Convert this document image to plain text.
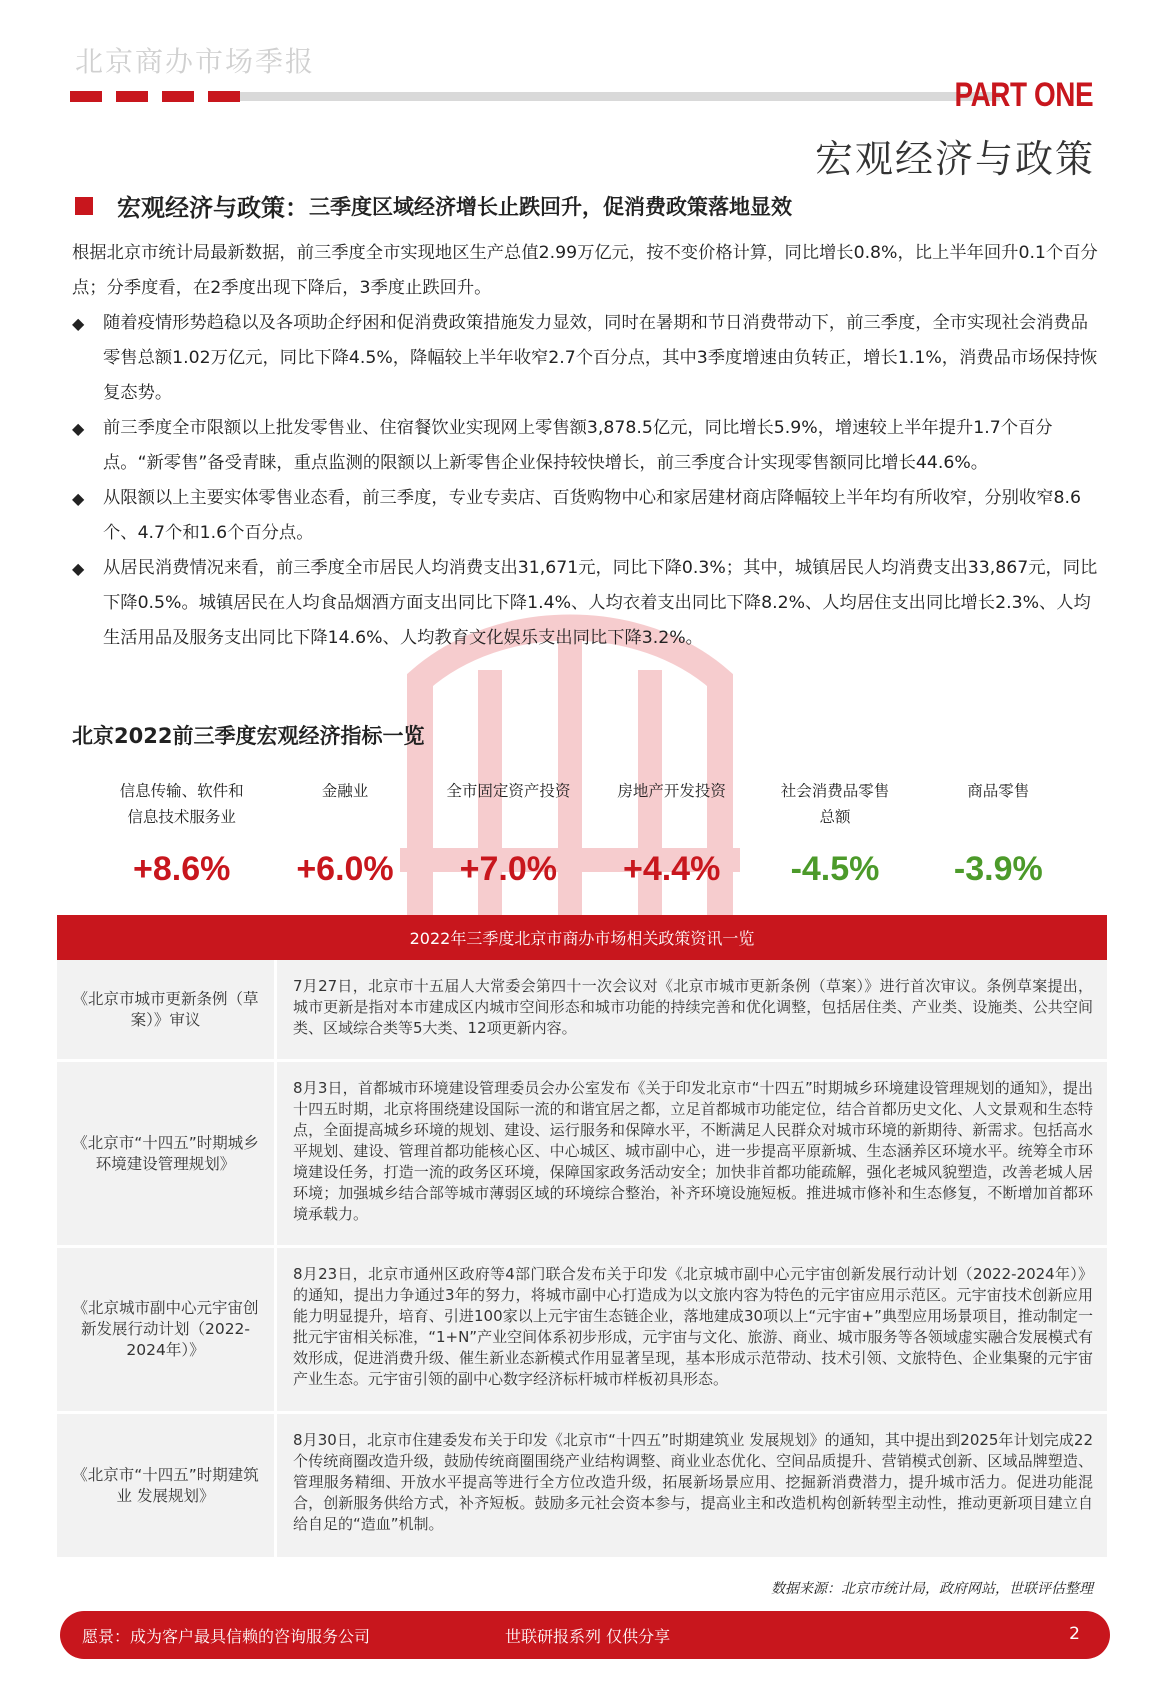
北京商办市场季报
PART ONE
宏观经济与政策
宏观经济与政策： 三季度区域经济增长止跌回升，促消费政策落地显效

根据北京市统计局最新数据，前三季度全市实现地区生产总值2.99万亿元，按不变价格计算，同比增长0.8%，比上半年回升0.1个百分点；分季度看，在2季度出现下降后，3季度止跌回升。

◆	随着疫情形势趋稳以及各项助企纾困和促消费政策措施发力显效，同时在暑期和节日消费带动下，前三季度，全市实现社会消费品零售总额1.02万亿元，同比下降4.5%，降幅较上半年收窄2.7个百分点，其中3季度增速由负转正，增长1.1%，消费品市场保持恢复态势。
◆	前三季度全市限额以上批发零售业、住宿餐饮业实现网上零售额3,878.5亿元，同比增长5.9%，增速较上半年提升1.7个百分点。“新零售”备受青睐，重点监测的限额以上新零售企业保持较快增长，前三季度合计实现零售额同比增长44.6%。
◆	从限额以上主要实体零售业态看，前三季度，专业专卖店、百货购物中心和家居建材商店降幅较上半年均有所收窄，分别收窄8.6个、4.7个和1.6个百分点。
◆	从居民消费情况来看，前三季度全市居民人均消费支出31,671元，同比下降0.3%；其中，城镇居民人均消费支出33,867元，同比下降0.5%。城镇居民在人均食品烟酒方面支出同比下降1.4%、人均衣着支出同比下降8.2%、人均居住支出同比增长2.3%、人均生活用品及服务支出同比下降14.6%、人均教育文化娱乐支出同比下降3.2%。
北京2022前三季度宏观经济指标一览
信息传输、软件和
信息技术服务业
+8.6%
金融业
+6.0%
全市固定资产投资
+7.0%
房地产开发投资
+4.4%
社会消费品零售
总额
-4.5%
商品零售
-3.9%
2022年三季度北京市商办市场相关政策资讯一览
《北京市城市更新条例（草案）》审议
7月27日，北京市十五届人大常委会第四十一次会议对《北京市城市更新条例（草案）》进行首次审议。条例草案提出，城市更新是指对本市建成区内城市空间形态和城市功能的持续完善和优化调整，包括居住类、产业类、设施类、公共空间类、区域综合类等5大类、12项更新内容。
《北京市“十四五”时期城乡环境建设管理规划》
8月3日，首都城市环境建设管理委员会办公室发布《关于印发北京市“十四五”时期城乡环境建设管理规划的通知》，提出十四五时期，北京将围绕建设国际一流的和谐宜居之都，立足首都城市功能定位，结合首都历史文化、人文景观和生态特点，全面提高城乡环境的规划、建设、运行服务和保障水平，不断满足人民群众对城市环境的新期待、新需求。包括高水平规划、建设、管理首都功能核心区、中心城区、城市副中心，进一步提高平原新城、生态涵养区环境水平。统筹全市环境建设任务，打造一流的政务区环境，保障国家政务活动安全；加快非首都功能疏解，强化老城风貌塑造，改善老城人居环境；加强城乡结合部等城市薄弱区域的环境综合整治，补齐环境设施短板。推进城市修补和生态修复，不断增加首都环境承载力。
《北京城市副中心元宇宙创新发展行动计划（2022-2024年）》
8月23日，北京市通州区政府等4部门联合发布关于印发《北京城市副中心元宇宙创新发展行动计划（2022-2024年）》的通知，提出力争通过3年的努力，将城市副中心打造成为以文旅内容为特色的元宇宙应用示范区。元宇宙技术创新应用能力明显提升，培育、引进100家以上元宇宙生态链企业，落地建成30项以上“元宇宙+”典型应用场景项目，推动制定一批元宇宙相关标准，“1+N”产业空间体系初步形成，元宇宙与文化、旅游、商业、城市服务等各领域虚实融合发展模式有效形成，促进消费升级、催生新业态新模式作用显著呈现，基本形成示范带动、技术引领、文旅特色、企业集聚的元宇宙产业生态。元宇宙引领的副中心数字经济标杆城市样板初具形态。
《北京市“十四五”时期建筑业 发展规划》
8月30日，北京市住建委发布关于印发《北京市“十四五”时期建筑业 发展规划》的通知，其中提出到2025年计划完成22个传统商圈改造升级，鼓励传统商圈围绕产业结构调整、商业业态优化、空间品质提升、营销模式创新、区域品牌塑造、管理服务精细、开放水平提高等进行全方位改造升级，拓展新场景应用、挖掘新消费潜力，提升城市活力。促进功能混合，创新服务供给方式，补齐短板。鼓励多元社会资本参与，提高业主和改造机构创新转型主动性，推动更新项目建立自给自足的“造血”机制。
数据来源：北京市统计局，政府网站，世联评估整理
愿景：成为客户最具信赖的咨询服务公司	世联研报系列 仅供分享	2
